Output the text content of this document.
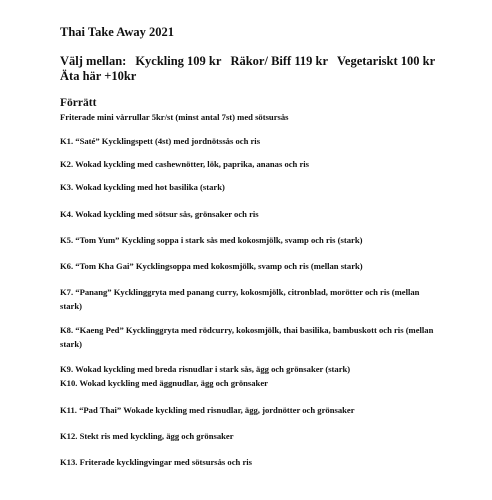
Thai Take Away 2021
Välj mellan: Kyckling 109 kr Räkor/ Biff 119 kr Vegetariskt 100 kr
Äta här +10kr
Förrätt
Friterade mini vårrullar 5kr/st (minst antal 7st) med sötsursås
K1. “Saté” Kycklingspett (4st) med jordnötssås och ris
K2. Wokad kyckling med cashewnötter, lök, paprika, ananas och ris
K3. Wokad kyckling med hot basilika (stark)
K4. Wokad kyckling med sötsur sås, grönsaker och ris
K5. “Tom Yum” Kyckling soppa i stark sås med kokosmjölk, svamp och ris (stark)
K6. “Tom Kha Gai” Kycklingsoppa med kokosmjölk, svamp och ris (mellan stark)
K7. “Panang” Kycklinggryta med panang curry, kokosmjölk, citronblad, morötter och ris (mellan stark)
K8. “Kaeng Ped” Kycklinggryta med rödcurry, kokosmjölk, thai basilika, bambuskott och ris (mellan stark)
K9. Wokad kyckling med breda risnudlar i stark sås, ägg och grönsaker (stark)
K10. Wokad kyckling med äggnudlar, ägg och grönsaker
K11. “Pad Thai” Wokade kyckling med risnudlar, ägg, jordnötter och grönsaker
K12. Stekt ris med kyckling, ägg och grönsaker
K13. Friterade kycklingvingar med sötsursås och ris
